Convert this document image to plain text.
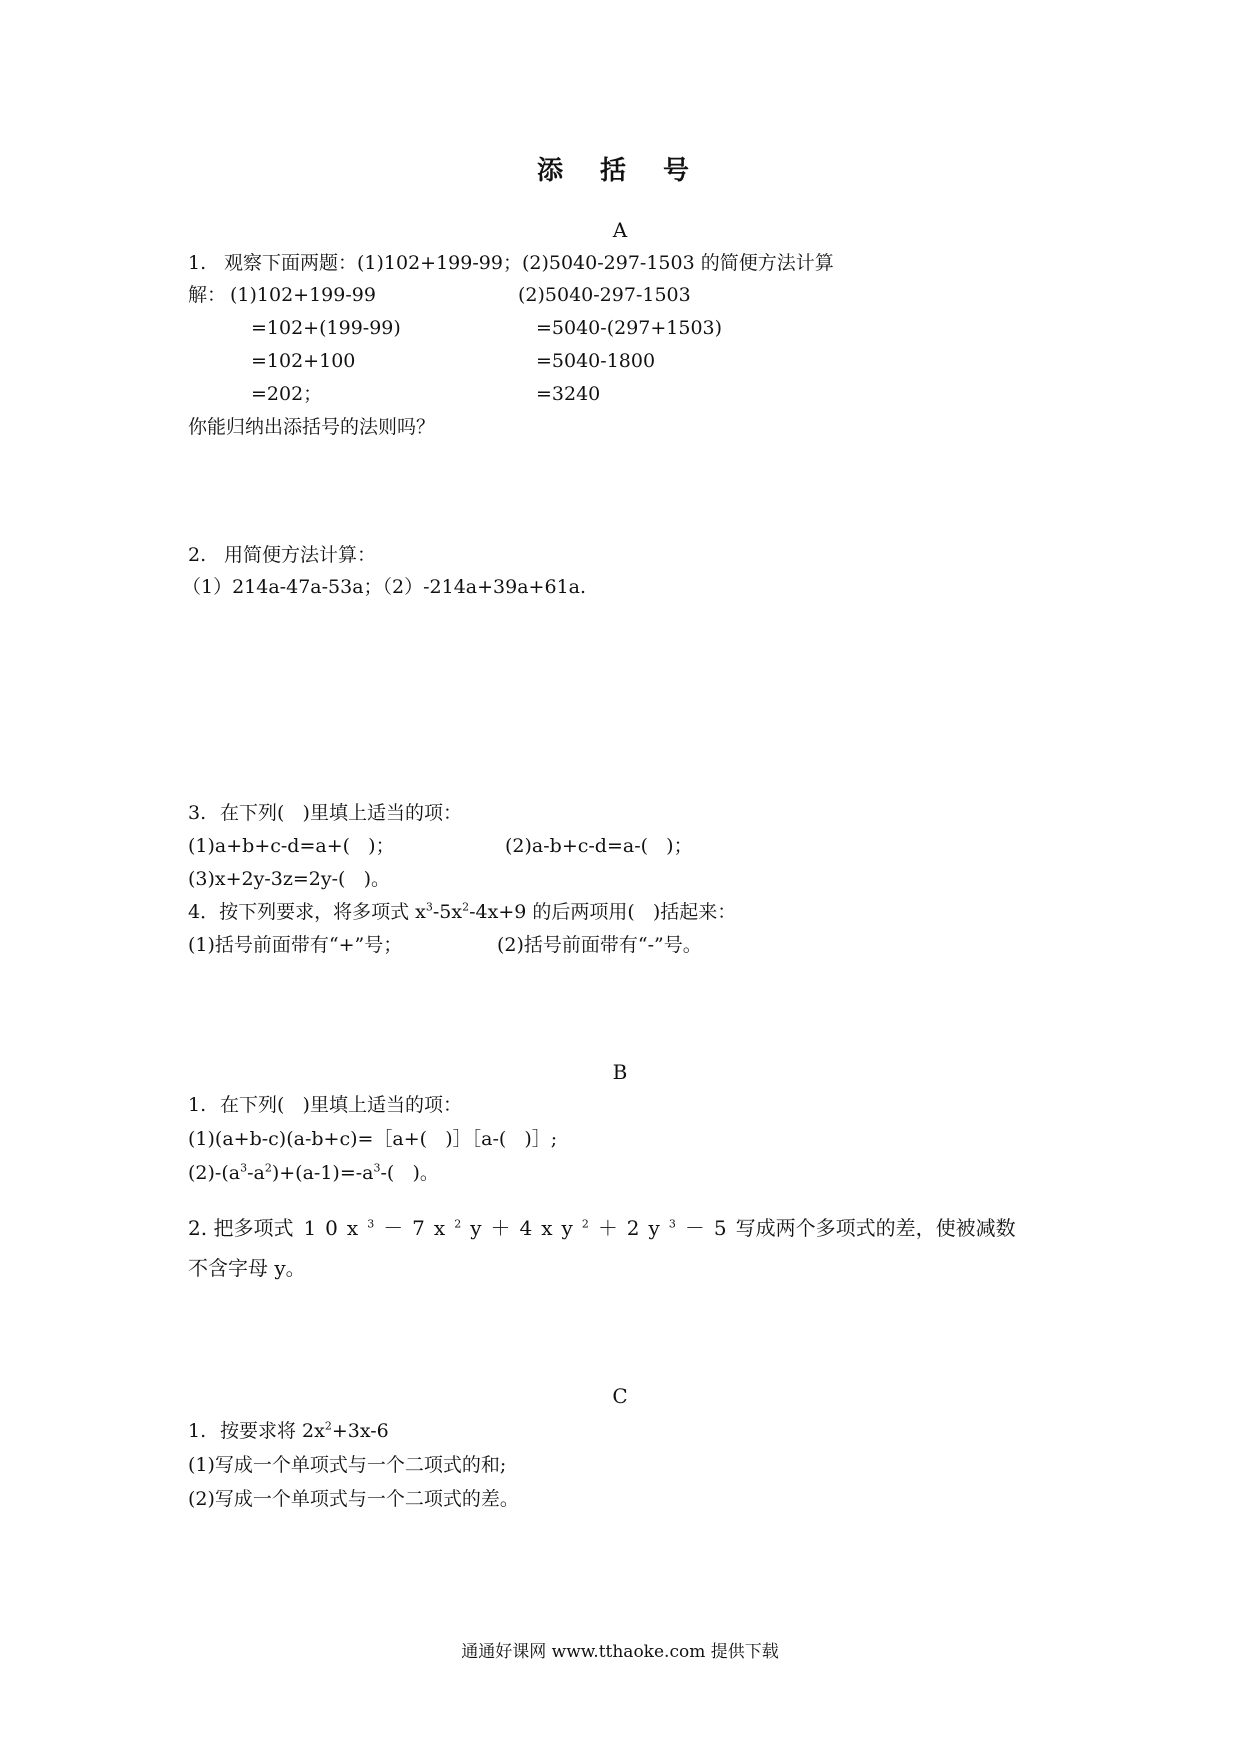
添 括 号
A
1. 观察下面两题：(1)102+199-99；(2)5040-297-1503 的简便方法计算
解： (1)102+199-99
=102+(199-99)
=102+100
=202；
(2)5040-297-1503
=5040-(297+1503)
=5040-1800
=3240
你能归纳出添括号的法则吗？
2. 用简便方法计算：
（1）214a-47a-53a；（2）-214a+39a+61a.
3. 在下列(   )里填上适当的项：
(1)a+b+c-d=a+(   )；	(2)a-b+c-d=a-(   )；
(3)x+2y-3z=2y-(   )。
4．按下列要求，将多项式 $x^3-5x^2-4x+9$ 的后两项用(   )括起来：
(1)括号前面带有“+”号；	(2)括号前面带有“-”号。
B
1. 在下列(   )里填上适当的项：
(1)(a+b-c)(a-b+c)=［a+(   )］［a-(   )］;
$(2)-(a^3-a^2)+(a-1)=-a^3-$(   )。
2. 把多项式 $10x^3-7x^2y+4xy^2+2y^3-5$写成两个多项式的差，使被减数
不含字母 y。
C
1. 按要求将 $2x^2+3x-6$
(1)写成一个单项式与一个二项式的和;
(2)写成一个单项式与一个二项式的差。
通通好课网 www.tthaoke.com 提供下载
